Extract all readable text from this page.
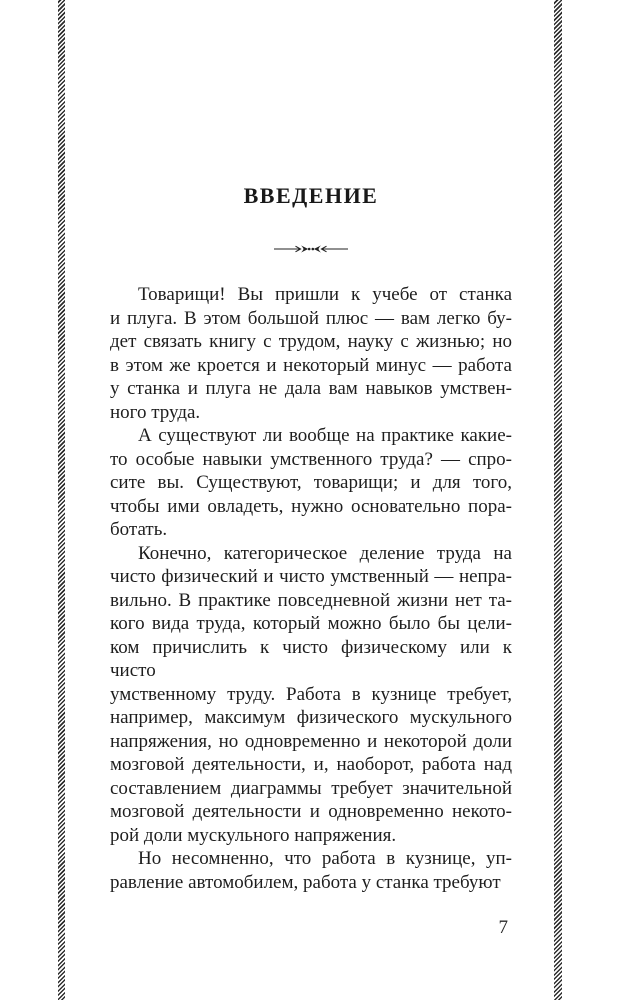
ВВЕДЕНИЕ
Товарищи! Вы пришли к учебе от станка
и плуга. В этом большой плюс — вам легко бу-
дет связать книгу с трудом, науку с жизнью; но
в этом же кроется и некоторый минус — работа
у станка и плуга не дала вам навыков умствен-
ного труда.
А существуют ли вообще на практике какие-
то особые навыки умственного труда? — спро-
сите вы. Существуют, товарищи; и для того,
чтобы ими овладеть, нужно основательно пора-
ботать.
Конечно, категорическое деление труда на
чисто физический и чисто умственный — непра-
вильно. В практике повседневной жизни нет та-
кого вида труда, который можно было бы цели-
ком причислить к чисто физическому или к чисто
умственному труду. Работа в кузнице требует,
например, максимум физического мускульного
напряжения, но одновременно и некоторой доли
мозговой деятельности, и, наоборот, работа над
составлением диаграммы требует значительной
мозговой деятельности и одновременно некото-
рой доли мускульного напряжения.
Но несомненно, что работа в кузнице, уп-
равление автомобилем, работа у станка требуют
7
